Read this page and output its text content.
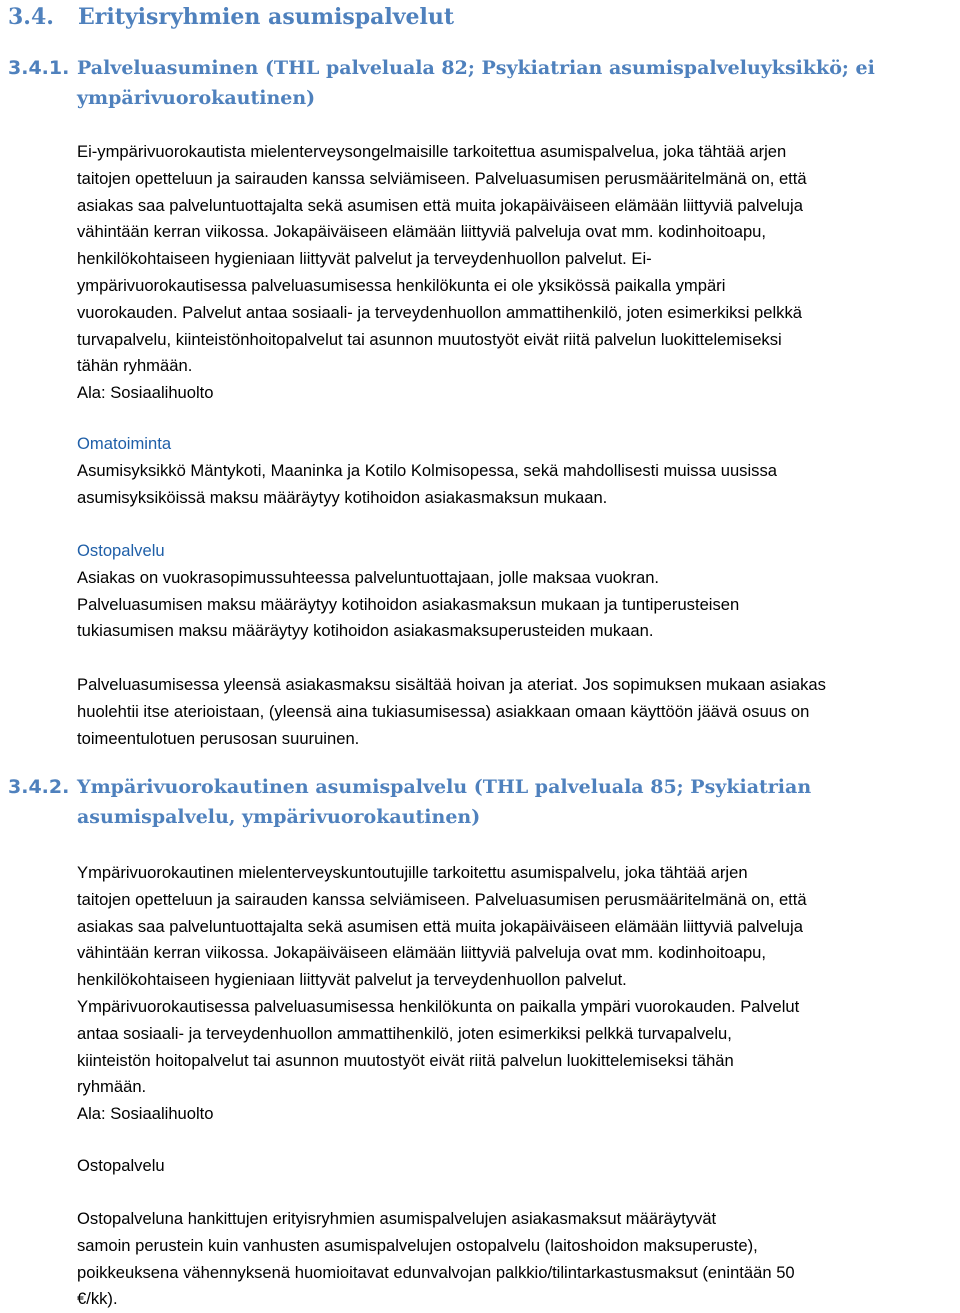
3.4. Erityisryhmien asumispalvelut
3.4.1. Palveluasuminen (THL palveluala 82; Psykiatrian asumispalveluyksikkö; ei ympärivuorokautinen)
Ei-ympärivuorokautista mielenterveysongelmaisille tarkoitettua asumispalvelua, joka tähtää arjen
taitojen opetteluun ja sairauden kanssa selviämiseen. Palveluasumisen perusmääritelmänä on, että
asiakas saa palveluntuottajalta sekä asumisen että muita jokapäiväiseen elämään liittyviä palveluja
vähintään kerran viikossa. Jokapäiväiseen elämään liittyviä palveluja ovat mm. kodinhoitoapu,
henkilökohtaiseen hygieniaan liittyvät palvelut ja terveydenhuollon palvelut. Ei-
ympärivuorokautisessa palveluasumisessa henkilökunta ei ole yksikössä paikalla ympäri
vuorokauden. Palvelut antaa sosiaali- ja terveydenhuollon ammattihenkilö, joten esimerkiksi pelkkä
turvapalvelu, kiinteistönhoitopalvelut tai asunnon muutostyöt eivät riitä palvelun luokittelemiseksi
tähän ryhmään.
Ala: Sosiaalihuolto
Omatoiminta
Asumisyksikkö Mäntykoti, Maaninka ja Kotilo Kolmisopessa, sekä mahdollisesti muissa uusissa
asumisyksiköissä maksu määräytyy kotihoidon asiakasmaksun mukaan.
Ostopalvelu
Asiakas on vuokrasopimussuhteessa palveluntuottajaan, jolle maksaa vuokran.
Palveluasumisen maksu määräytyy kotihoidon asiakasmaksun mukaan ja tuntiperusteisen
tukiasumisen maksu määräytyy kotihoidon asiakasmaksuperusteiden mukaan.
Palveluasumisessa yleensä asiakasmaksu sisältää hoivan ja ateriat. Jos sopimuksen mukaan asiakas
huolehtii itse aterioistaan, (yleensä aina tukiasumisessa) asiakkaan omaan käyttöön jäävä osuus on
toimeentulotuen perusosan suuruinen.
3.4.2. Ympärivuorokautinen asumispalvelu (THL palveluala 85; Psykiatrian asumispalvelu, ympärivuorokautinen)
Ympärivuorokautinen mielenterveyskuntoutujille tarkoitettu asumispalvelu, joka tähtää arjen
taitojen opetteluun ja sairauden kanssa selviämiseen. Palveluasumisen perusmääritelmänä on, että
asiakas saa palveluntuottajalta sekä asumisen että muita jokapäiväiseen elämään liittyviä palveluja
vähintään kerran viikossa. Jokapäiväiseen elämään liittyviä palveluja ovat mm. kodinhoitoapu,
henkilökohtaiseen hygieniaan liittyvät palvelut ja terveydenhuollon palvelut.
Ympärivuorokautisessa palveluasumisessa henkilökunta on paikalla ympäri vuorokauden. Palvelut
antaa sosiaali- ja terveydenhuollon ammattihenkilö, joten esimerkiksi pelkkä turvapalvelu,
kiinteistön hoitopalvelut tai asunnon muutostyöt eivät riitä palvelun luokittelemiseksi tähän
ryhmään.
Ala: Sosiaalihuolto
Ostopalvelu
Ostopalveluna hankittujen erityisryhmien asumispalvelujen asiakasmaksut määräytyvät
samoin perustein kuin vanhusten asumispalvelujen ostopalvelu (laitoshoidon maksuperuste),
poikkeuksena vähennyksenä huomioitavat edunvalvojan palkkio/tilintarkastusmaksut (enintään 50
€/kk).
